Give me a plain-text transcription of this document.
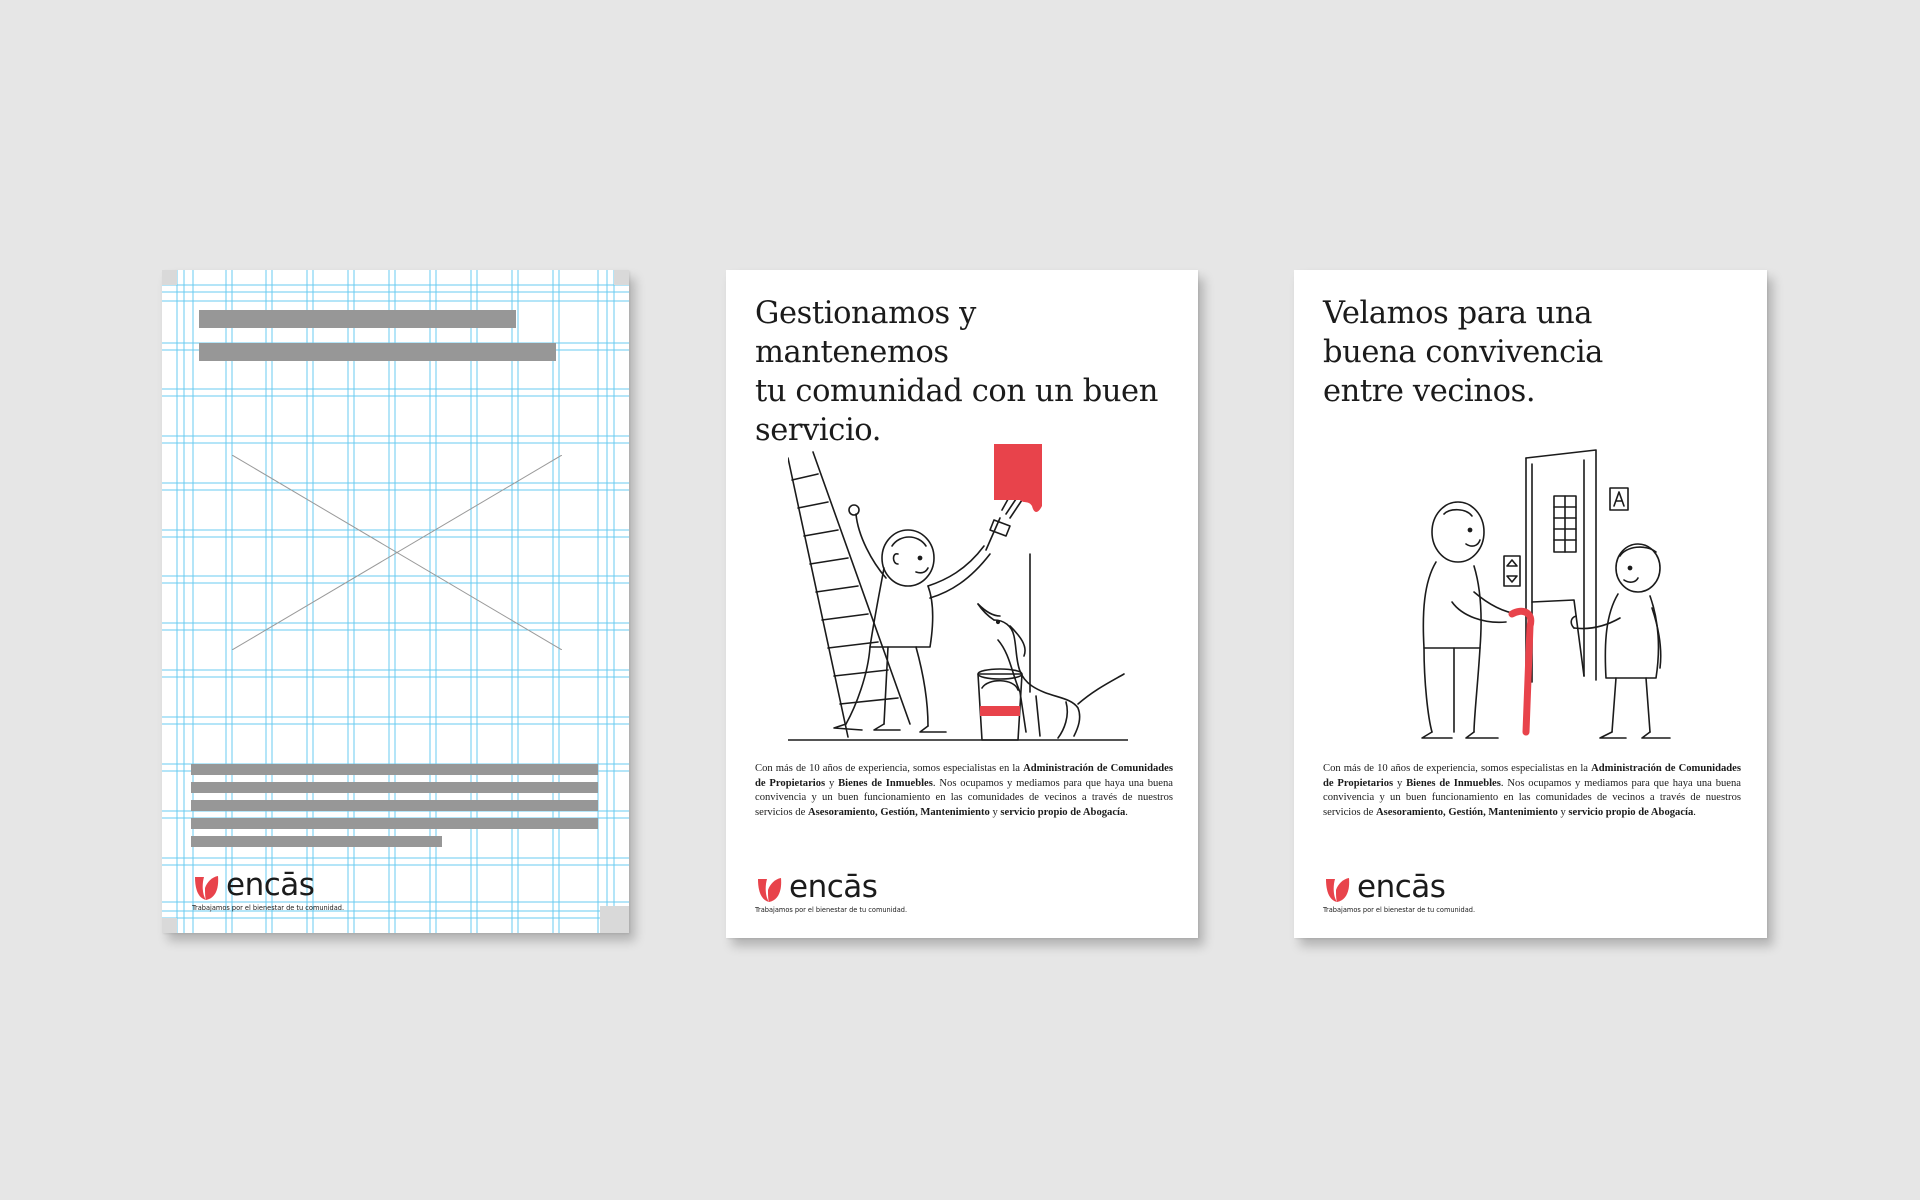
encās
Trabajamos por el bienestar de tu comunidad.
Gestionamos y mantenemos
tu comunidad con un buen
servicio.

Con más de 10 años de experiencia, somos especialistas en la Administración de Comunidades de Propietarios y Bienes de Inmuebles. Nos ocupamos y mediamos para que haya una buena convivencia y un buen funcionamiento en las comunidades de vecinos a través de nuestros servicios de Asesoramiento, Gestión, Mantenimiento y servicio propio de Abogacía.

encās
Trabajamos por el bienestar de tu comunidad.
Velamos para una
buena convivencia
entre vecinos.

Con más de 10 años de experiencia, somos especialistas en la Administración de Comunidades de Propietarios y Bienes de Inmuebles. Nos ocupamos y mediamos para que haya una buena convivencia y un buen funcionamiento en las comunidades de vecinos a través de nuestros servicios de Asesoramiento, Gestión, Mantenimiento y servicio propio de Abogacía.

encās
Trabajamos por el bienestar de tu comunidad.
